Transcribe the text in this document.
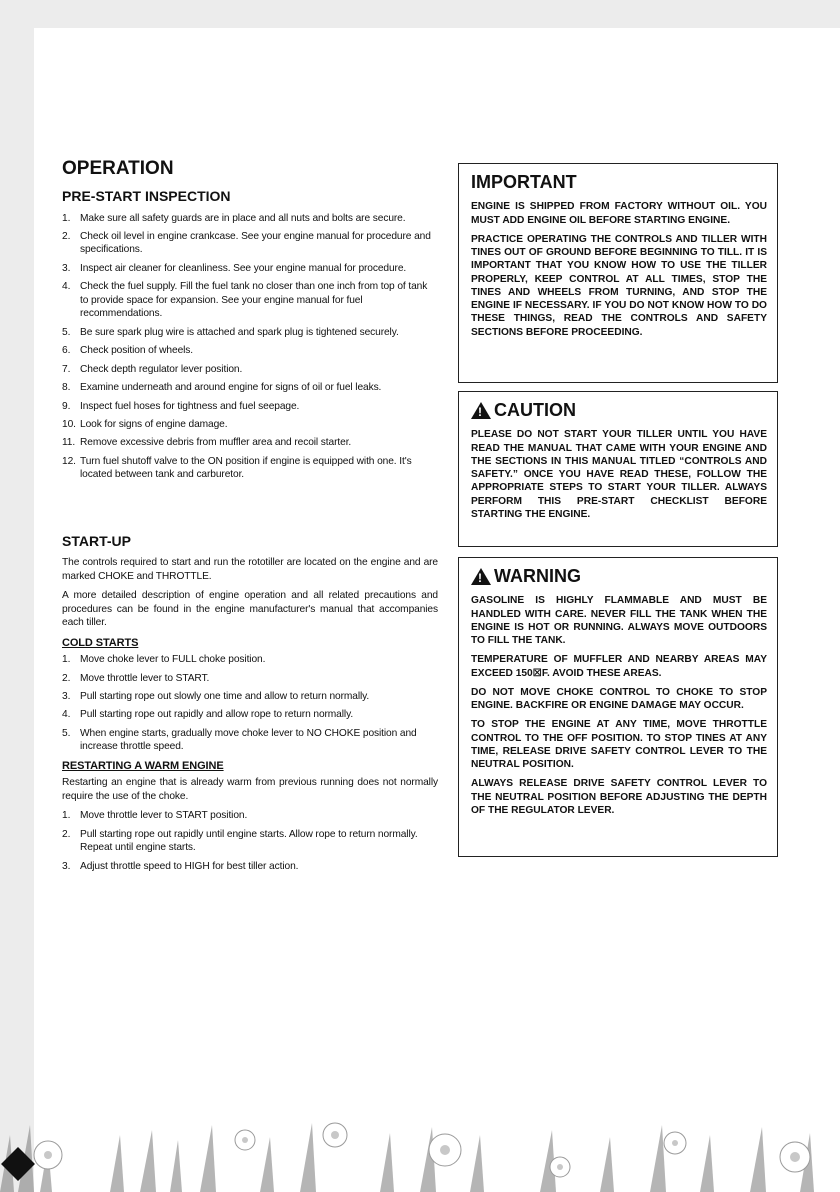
OPERATION
PRE-START INSPECTION
1. Make sure all safety guards are in place and all nuts and bolts are secure.
2. Check oil level in engine crankcase. See your engine manual for procedure and specifications.
3. Inspect air cleaner for cleanliness. See your engine manual for procedure.
4. Check the fuel supply. Fill the fuel tank no closer than one inch from top of tank to provide space for expansion. See your engine manual for fuel recommendations.
5. Be sure spark plug wire is attached and spark plug is tightened securely.
6. Check position of wheels.
7. Check depth regulator lever position.
8. Examine underneath and around engine for signs of oil or fuel leaks.
9. Inspect fuel hoses for tightness and fuel seepage.
10. Look for signs of engine damage.
11. Remove excessive debris from muffler area and recoil starter.
12. Turn fuel shutoff valve to the ON position if engine is equipped with one. It's located between tank and carburetor.
START-UP

The controls required to start and run the rototiller are located on the engine and are marked CHOKE and THROTTLE.

A more detailed description of engine operation and all related precautions and procedures can be found in the engine manufacturer's manual that accompanies each tiller.

COLD STARTS
1. Move choke lever to FULL choke position.
2. Move throttle lever to START.
3. Pull starting rope out slowly one time and allow to return normally.
4. Pull starting rope out rapidly and allow rope to return normally.
5. When engine starts, gradually move choke lever to NO CHOKE position and increase throttle speed.
RESTARTING A WARM ENGINE

Restarting an engine that is already warm from previous running does not normally require the use of the choke.

1. Move throttle lever to START position.
2. Pull starting rope out rapidly until engine starts. Allow rope to return normally. Repeat until engine starts.
3. Adjust throttle speed to HIGH for best tiller action.
IMPORTANT

ENGINE IS SHIPPED FROM FACTORY WITHOUT OIL. YOU MUST ADD ENGINE OIL BEFORE STARTING ENGINE.

PRACTICE OPERATING THE CONTROLS AND TILLER WITH TINES OUT OF GROUND BEFORE BEGINNING TO TILL. IT IS IMPORTANT THAT YOU KNOW HOW TO USE THE TILLER PROPERLY, KEEP CONTROL AT ALL TIMES, STOP THE TINES AND WHEELS FROM TURNING, AND STOP THE ENGINE IF NECESSARY. IF YOU DO NOT KNOW HOW TO DO THESE THINGS, READ THE CONTROLS AND SAFETY SECTIONS BEFORE PROCEEDING.

!
CAUTION

PLEASE DO NOT START YOUR TILLER UNTIL YOU HAVE READ THE MANUAL THAT CAME WITH YOUR ENGINE AND THE SECTIONS IN THIS MANUAL TITLED “CONTROLS AND SAFETY.” ONCE YOU HAVE READ THESE, FOLLOW THE APPROPRIATE STEPS TO START YOUR TILLER. ALWAYS PERFORM THIS PRE-START CHECKLIST BEFORE STARTING THE ENGINE.

!
WARNING

GASOLINE IS HIGHLY FLAMMABLE AND MUST BE HANDLED WITH CARE. NEVER FILL THE TANK WHEN THE ENGINE IS HOT OR RUNNING. ALWAYS MOVE OUTDOORS TO FILL THE TANK.

TEMPERATURE OF MUFFLER AND NEARBY AREAS MAY EXCEED 150☒F. AVOID THESE AREAS.

DO NOT MOVE CHOKE CONTROL TO CHOKE TO STOP ENGINE. BACKFIRE OR ENGINE DAMAGE MAY OCCUR.

TO STOP THE ENGINE AT ANY TIME, MOVE THROTTLE CONTROL TO THE OFF POSITION. TO STOP TINES AT ANY TIME, RELEASE DRIVE SAFETY CONTROL LEVER TO THE NEUTRAL POSITION.

ALWAYS RELEASE DRIVE SAFETY CONTROL LEVER TO THE NEUTRAL POSITION BEFORE ADJUSTING THE DEPTH OF THE REGULATOR LEVER.
